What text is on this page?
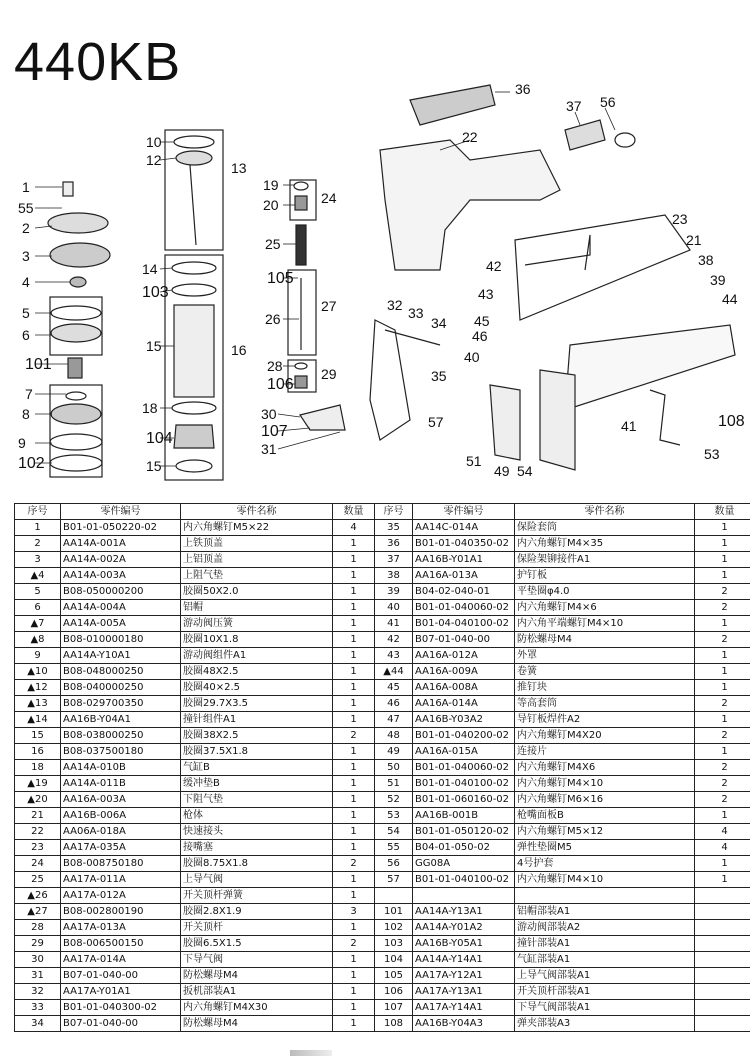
440KB
1
55
2
3
4
5
6
101
7
8
9
102
10
12	13
14
103
15	16
18
104
15
19
20	24
25
105
26
27
28
106
29
30
107
31
32 33
34
35
36
37 56
22
23
21
42
43
38
39
44
45
46
40
57	41	108
51
49 54
53
序号	零件编号	零件名称	数量	序号	零件编号	零件名称	数量
1	B01-01-050220-02	内六角螺钉M5×22	4	35	AA14C-014A	保险套筒	1
2	AA14A-001A	上铁顶盖	1	36	B01-01-040350-02	内六角螺钉M4×35	1
3	AA14A-002A	上铝顶盖	1	37	AA16B-Y01A1	保险架铆接件A1	1
▲4	AA14A-003A	上阻气垫	1	38	AA16A-013A	护钉板	1
5	B08-050000200	胶圈50X2.0	1	39	B04-02-040-01	平垫圈φ4.0	2
6	AA14A-004A	铝帽	1	40	B01-01-040060-02	内六角螺钉M4×6	2
▲7	AA14A-005A	游动阀压簧	1	41	B01-04-040100-02	内六角平端螺钉M4×10	1
▲8	B08-010000180	胶圈10X1.8	1	42	B07-01-040-00	防松螺母M4	2
9	AA14A-Y10A1	游动阀组件A1	1	43	AA16A-012A	外罩	1
▲10	B08-048000250	胶圈48X2.5	1	▲44	AA16A-009A	卷簧	1
▲12	B08-040000250	胶圈40×2.5	1	45	AA16A-008A	推钉块	1
▲13	B08-029700350	胶圈29.7X3.5	1	46	AA16A-014A	等高套筒	2
▲14	AA16B-Y04A1	撞针组件A1	1	47	AA16B-Y03A2	导钉板焊件A2	1
15	B08-038000250	胶圈38X2.5	2	48	B01-01-040200-02	内六角螺钉M4X20	2
16	B08-037500180	胶圈37.5X1.8	1	49	AA16A-015A	连接片	1
18	AA14A-010B	气缸B	1	50	B01-01-040060-02	内六角螺钉M4X6	2
▲19	AA14A-011B	缓冲垫B	1	51	B01-01-040100-02	内六角螺钉M4×10	2
▲20	AA16A-003A	下阻气垫	1	52	B01-01-060160-02	内六角螺钉M6×16	2
21	AA16B-006A	枪体	1	53	AA16B-001B	枪嘴面板B	1
22	AA06A-018A	快速接头	1	54	B01-01-050120-02	内六角螺钉M5×12	4
23	AA17A-035A	接嘴塞	1	55	B04-01-050-02	弹性垫圈M5	4
24	B08-008750180	胶圈8.75X1.8	2	56	GG08A	4号护套	1
25	AA17A-011A	上导气阀	1	57	B01-01-040100-02	内六角螺钉M4×10	1
▲26	AA17A-012A	开关顶杆弹簧	1				
▲27	B08-002800190	胶圈2.8X1.9	3	101	AA14A-Y13A1	铝帽部装A1	
28	AA17A-013A	开关顶杆	1	102	AA14A-Y01A2	游动阀部装A2	
29	B08-006500150	胶圈6.5X1.5	2	103	AA16B-Y05A1	撞针部装A1	
30	AA17A-014A	下导气阀	1	104	AA14A-Y14A1	气缸部装A1	
31	B07-01-040-00	防松螺母M4	1	105	AA17A-Y12A1	上导气阀部装A1	
32	AA17A-Y01A1	扳机部装A1	1	106	AA17A-Y13A1	开关顶杆部装A1	
33	B01-01-040300-02	内六角螺钉M4X30	1	107	AA17A-Y14A1	下导气阀部装A1	
34	B07-01-040-00	防松螺母M4	1	108	AA16B-Y04A3	弹夹部装A3	
